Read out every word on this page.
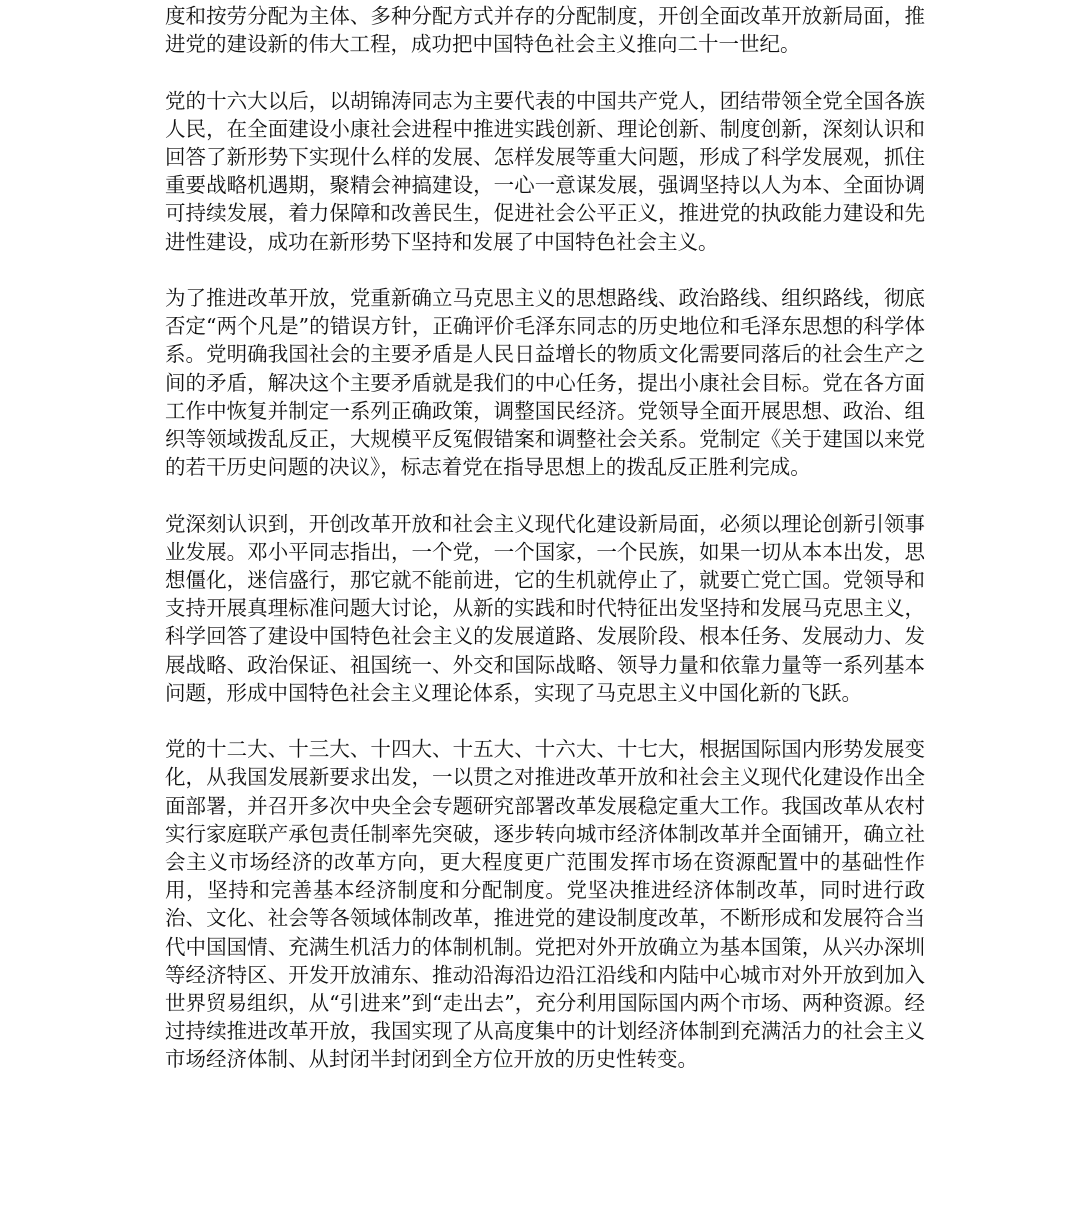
度和按劳分配为主体、多种分配方式并存的分配制度，开创全面改革开放新局面，推进党的建设新的伟大工程，成功把中国特色社会主义推向二十一世纪。

党的十六大以后，以胡锦涛同志为主要代表的中国共产党人，团结带领全党全国各族人民，在全面建设小康社会进程中推进实践创新、理论创新、制度创新，深刻认识和回答了新形势下实现什么样的发展、怎样发展等重大问题，形成了科学发展观，抓住重要战略机遇期，聚精会神搞建设，一心一意谋发展，强调坚持以人为本、全面协调可持续发展，着力保障和改善民生，促进社会公平正义，推进党的执政能力建设和先进性建设，成功在新形势下坚持和发展了中国特色社会主义。

为了推进改革开放，党重新确立马克思主义的思想路线、政治路线、组织路线，彻底否定“两个凡是”的错误方针，正确评价毛泽东同志的历史地位和毛泽东思想的科学体系。党明确我国社会的主要矛盾是人民日益增长的物质文化需要同落后的社会生产之间的矛盾，解决这个主要矛盾就是我们的中心任务，提出小康社会目标。党在各方面工作中恢复并制定一系列正确政策，调整国民经济。党领导全面开展思想、政治、组织等领域拨乱反正，大规模平反冤假错案和调整社会关系。党制定《关于建国以来党的若干历史问题的决议》，标志着党在指导思想上的拨乱反正胜利完成。

党深刻认识到，开创改革开放和社会主义现代化建设新局面，必须以理论创新引领事业发展。邓小平同志指出，一个党，一个国家，一个民族，如果一切从本本出发，思想僵化，迷信盛行，那它就不能前进，它的生机就停止了，就要亡党亡国。党领导和支持开展真理标准问题大讨论，从新的实践和时代特征出发坚持和发展马克思主义，科学回答了建设中国特色社会主义的发展道路、发展阶段、根本任务、发展动力、发展战略、政治保证、祖国统一、外交和国际战略、领导力量和依靠力量等一系列基本问题，形成中国特色社会主义理论体系，实现了马克思主义中国化新的飞跃。

党的十二大、十三大、十四大、十五大、十六大、十七大，根据国际国内形势发展变化，从我国发展新要求出发，一以贯之对推进改革开放和社会主义现代化建设作出全面部署，并召开多次中央全会专题研究部署改革发展稳定重大工作。我国改革从农村实行家庭联产承包责任制率先突破，逐步转向城市经济体制改革并全面铺开，确立社会主义市场经济的改革方向，更大程度更广范围发挥市场在资源配置中的基础性作用，坚持和完善基本经济制度和分配制度。党坚决推进经济体制改革，同时进行政治、文化、社会等各领域体制改革，推进党的建设制度改革，不断形成和发展符合当代中国国情、充满生机活力的体制机制。党把对外开放确立为基本国策，从兴办深圳等经济特区、开发开放浦东、推动沿海沿边沿江沿线和内陆中心城市对外开放到加入世界贸易组织，从“引进来”到“走出去”，充分利用国际国内两个市场、两种资源。经过持续推进改革开放，我国实现了从高度集中的计划经济体制到充满活力的社会主义市场经济体制、从封闭半封闭到全方位开放的历史性转变。
